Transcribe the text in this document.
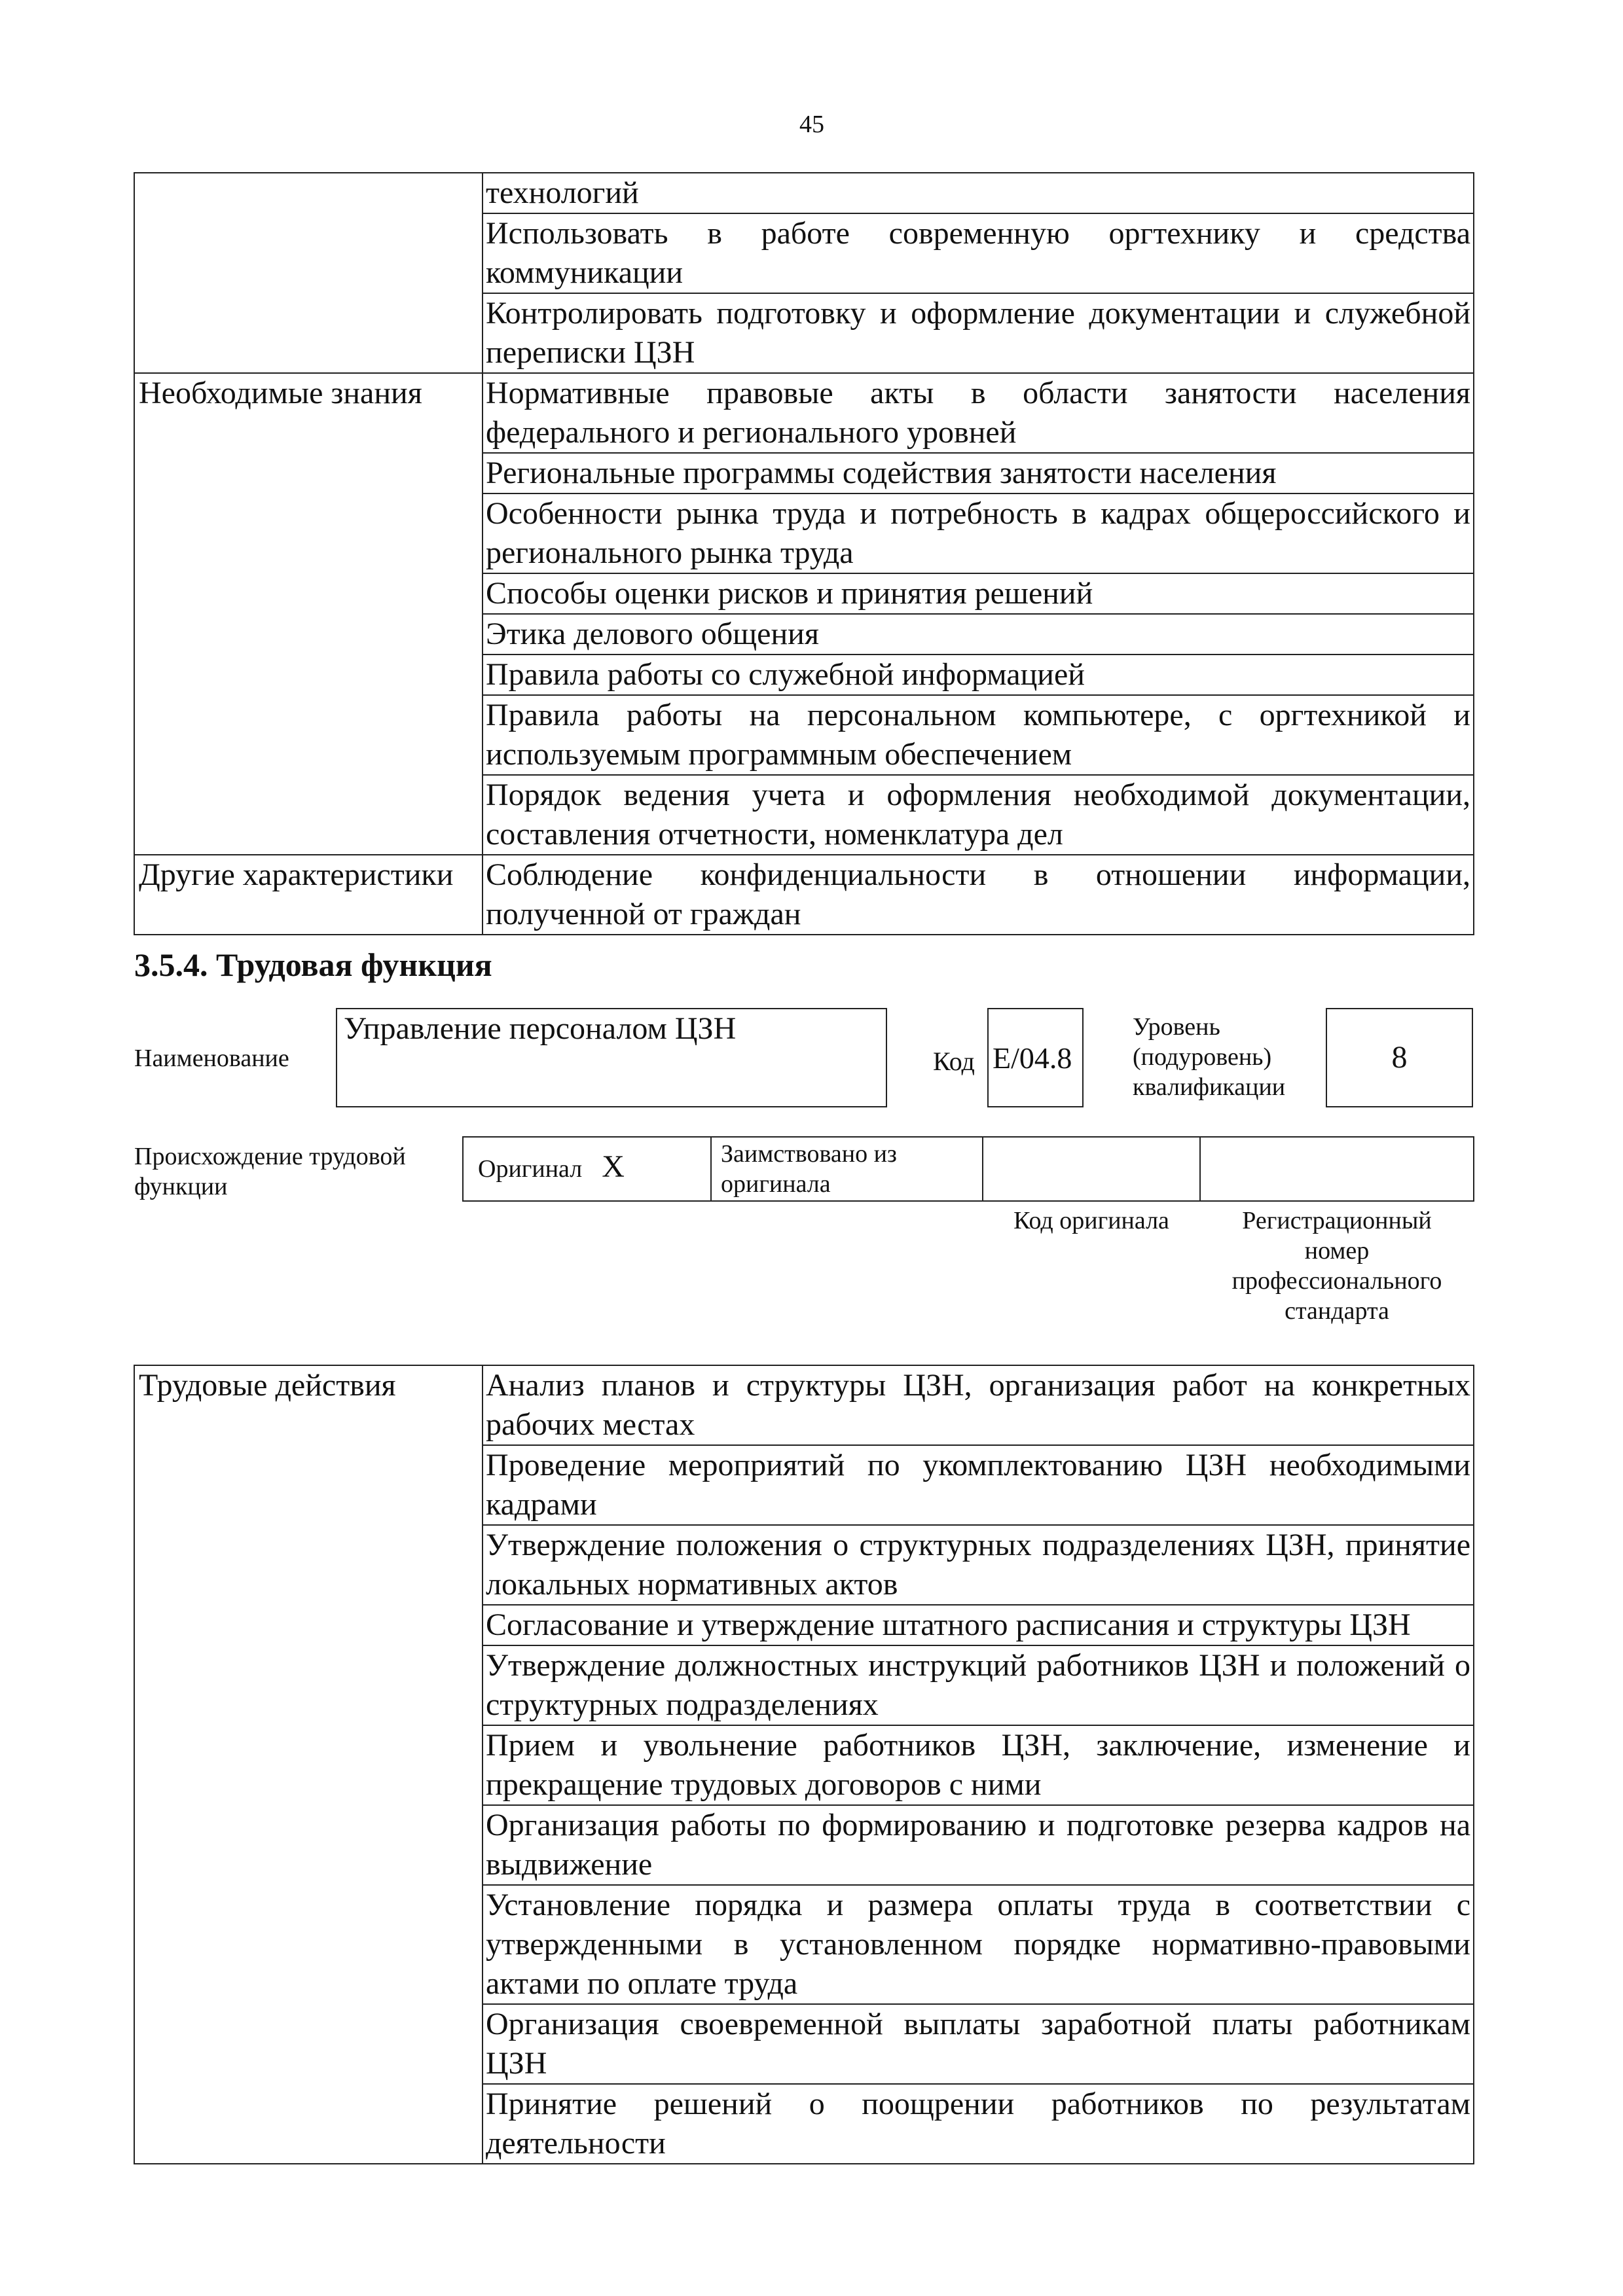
45
	технологий
	Использовать в работе современную оргтехнику и средства коммуникации
	Контролировать подготовку и оформление документации и служебной переписки ЦЗН
Необходимые знания	Нормативные правовые акты в области занятости населения федерального и регионального уровней
	Региональные программы содействия занятости населения
	Особенности рынка труда и потребность в кадрах общероссийского и регионального рынка труда
	Способы оценки рисков и принятия решений
	Этика делового общения
	Правила работы со служебной информацией
	Правила работы на персональном компьютере, с оргтехникой и используемым программным обеспечением
	Порядок ведения учета и оформления необходимой документации, составления отчетности, номенклатура дел
Другие характеристики	Соблюдение конфиденциальности в отношении информации, полученной от граждан
3.5.4. Трудовая функция
Наименование
Управление персоналом ЦЗН
Код Е/04.8
Уровень
(подуровень)
квалификации
8
Происхождение трудовой
функции
Оригинал X	Заимствовано из
оригинала
Код оригинала	Регистрационный
номер
профессионального
стандарта
Трудовые действия	Анализ планов и структуры ЦЗН, организация работ на конкретных рабочих местах
Проведение мероприятий по укомплектованию ЦЗН необходимыми кадрами
Утверждение положения о структурных подразделениях ЦЗН, принятие локальных нормативных актов
Согласование и утверждение штатного расписания и структуры ЦЗН
Утверждение должностных инструкций работников ЦЗН и положений о структурных подразделениях
Прием и увольнение работников ЦЗН, заключение, изменение и прекращение трудовых договоров с ними
Организация работы по формированию и подготовке резерва кадров на выдвижение
Установление порядка и размера оплаты труда в соответствии с утвержденными в установленном порядке нормативно-правовыми актами по оплате труда
Организация своевременной выплаты заработной платы работникам ЦЗН
Принятие решений о поощрении работников по результатам деятельности
